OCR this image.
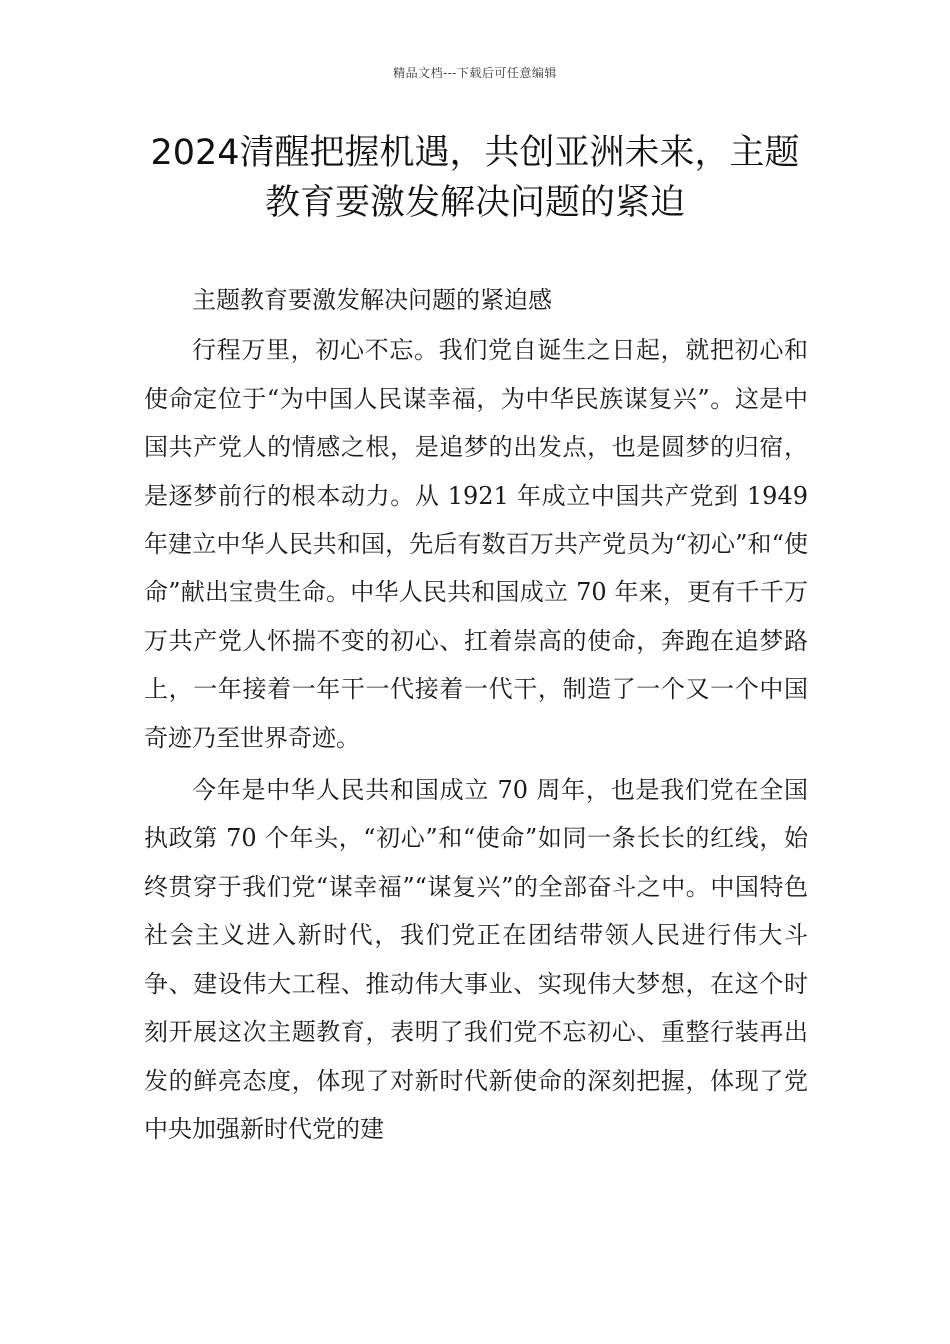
精品文档---下载后可任意编辑
2024清醒把握机遇，共创亚洲未来，主题教育要激发解决问题的紧迫

主题教育要激发解决问题的紧迫感

行程万里，初心不忘。我们党自诞生之日起，就把初心和使命定位于“为中国人民谋幸福，为中华民族谋复兴”。这是中国共产党人的情感之根，是追梦的出发点，也是圆梦的归宿，是逐梦前行的根本动力。从 1921 年成立中国共产党到 1949 年建立中华人民共和国，先后有数百万共产党员为“初心”和“使命”献出宝贵生命。中华人民共和国成立 70 年来，更有千千万万共产党人怀揣不变的初心、扛着崇高的使命，奔跑在追梦路上，一年接着一年干一代接着一代干，制造了一个又一个中国奇迹乃至世界奇迹。

今年是中华人民共和国成立 70 周年，也是我们党在全国执政第 70 个年头，“初心”和“使命”如同一条长长的红线，始终贯穿于我们党“谋幸福”“谋复兴”的全部奋斗之中。中国特色社会主义进入新时代，我们党正在团结带领人民进行伟大斗争、建设伟大工程、推动伟大事业、实现伟大梦想，在这个时刻开展这次主题教育，表明了我们党不忘初心、重整行装再出发的鲜亮态度，体现了对新时代新使命的深刻把握，体现了党中央加强新时代党的建
